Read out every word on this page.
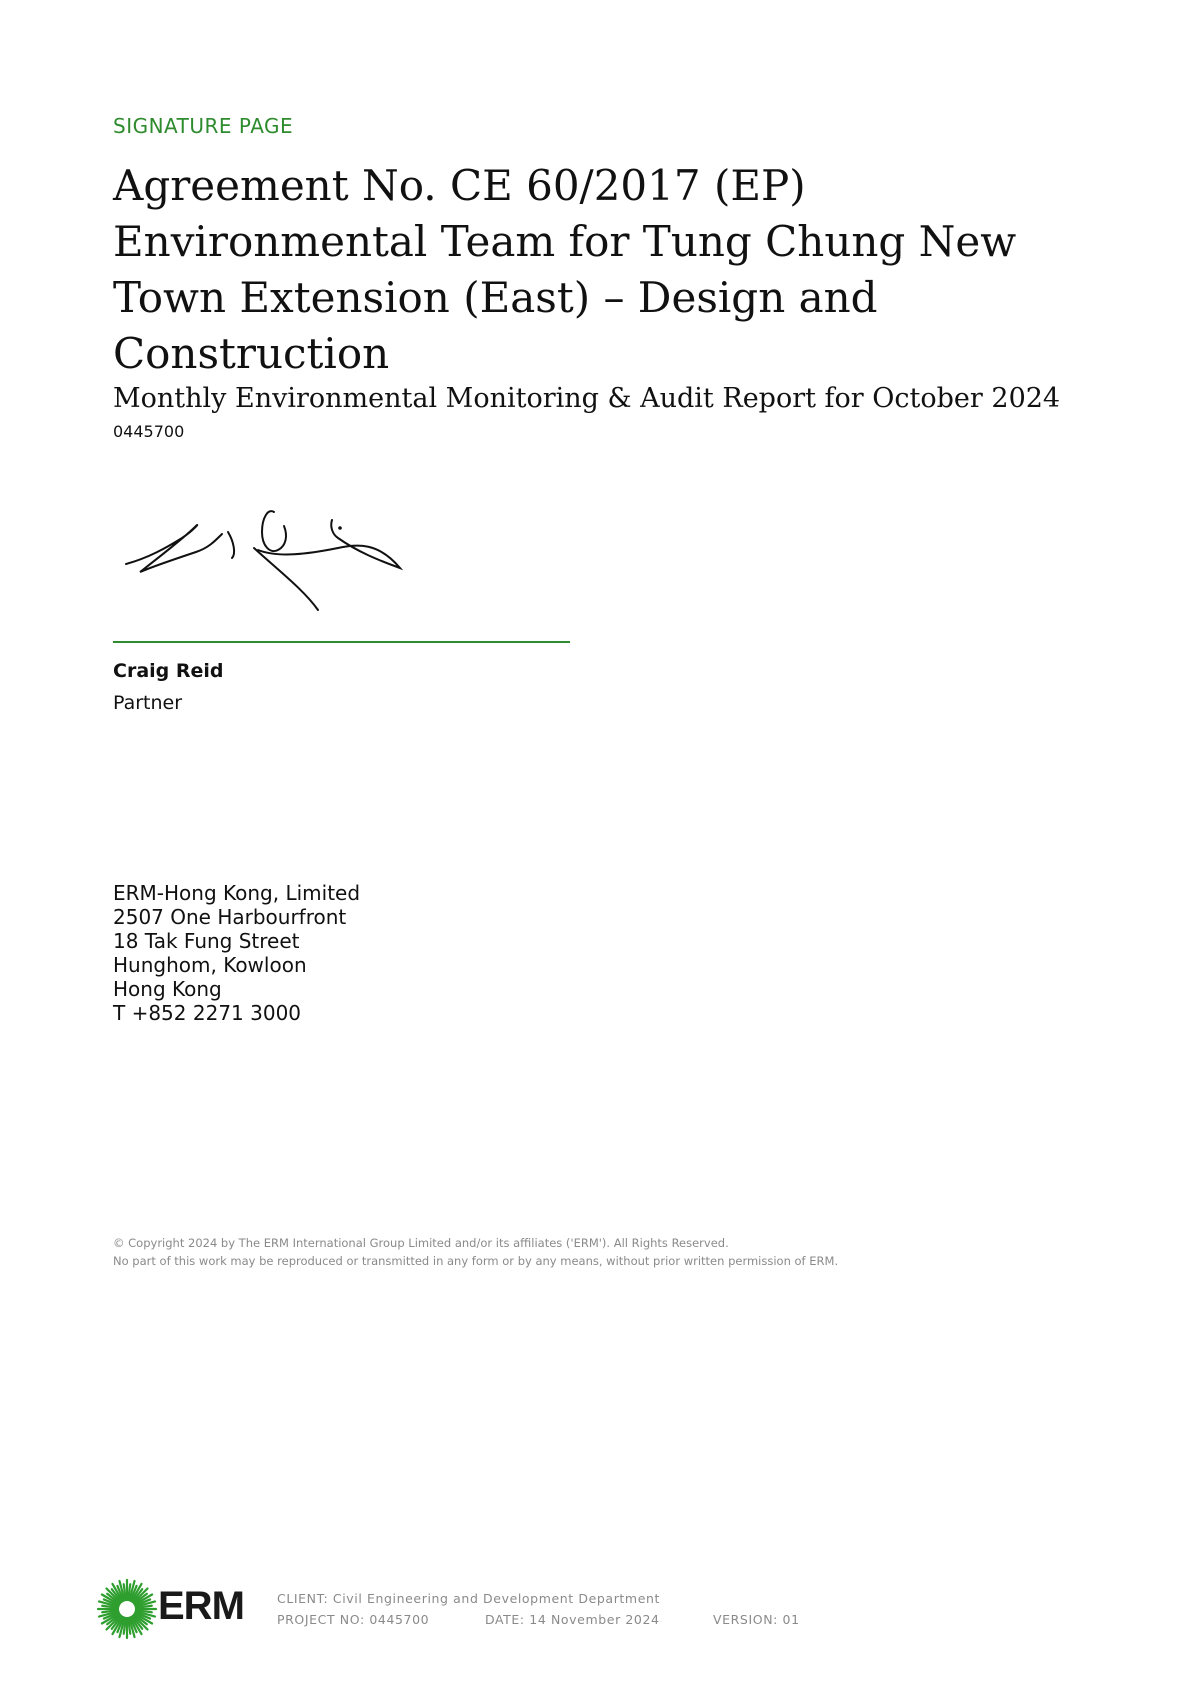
SIGNATURE PAGE
Agreement No. CE 60/2017 (EP)
Environmental Team for Tung Chung New
Town Extension (East) – Design and
Construction
Monthly Environmental Monitoring & Audit Report for October 2024
0445700
Craig Reid
Partner
ERM-Hong Kong, Limited
2507 One Harbourfront
18 Tak Fung Street
Hunghom, Kowloon
Hong Kong
T +852 2271 3000
© Copyright 2024 by The ERM International Group Limited and/or its affiliates ('ERM'). All Rights Reserved.
No part of this work may be reproduced or transmitted in any form or by any means, without prior written permission of ERM.
ERM	CLIENT: Civil Engineering and Development Department
PROJECT NO: 0445700	DATE: 14 November 2024	VERSION: 01
